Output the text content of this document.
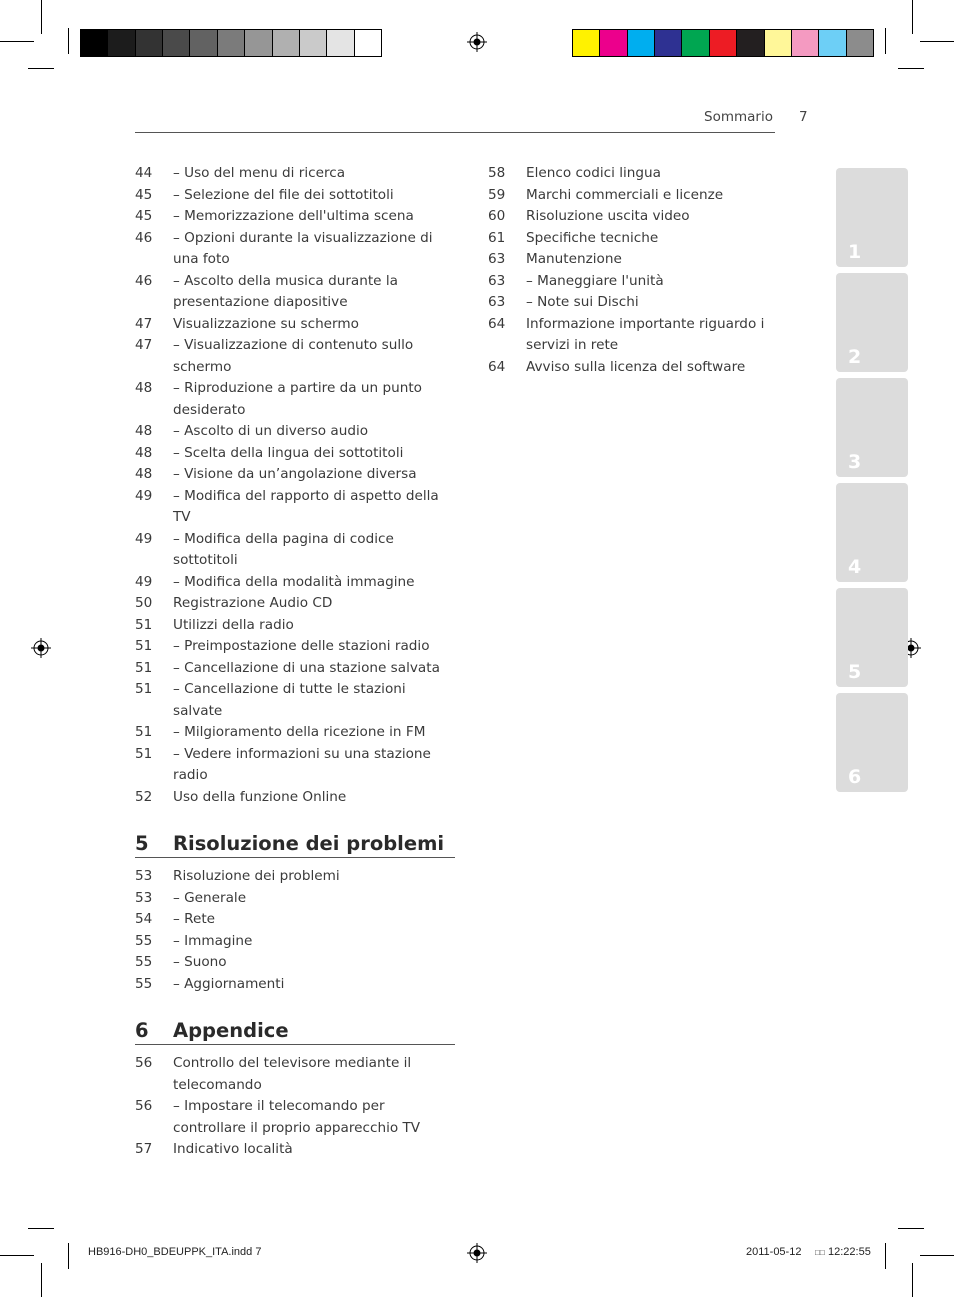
Sommario 7
44	– Uso del menu di ricerca
45	– Selezione del file dei sottotitoli
45	– Memorizzazione dell'ultima scena
46	– Opzioni durante la visualizzazione di una foto
46	– Ascolto della musica durante la presentazione diapositive
47	Visualizzazione su schermo
47	– Visualizzazione di contenuto sullo schermo
48	– Riproduzione a partire da un punto desiderato
48	– Ascolto di un diverso audio
48	– Scelta della lingua dei sottotitoli
48	– Visione da un’angolazione diversa
49	– Modifica del rapporto di aspetto della TV
49	– Modifica della pagina di codice sottotitoli
49	– Modifica della modalità immagine
50	Registrazione Audio CD
51	Utilizzi della radio
51	– Preimpostazione delle stazioni radio
51	– Cancellazione di una stazione salvata
51	– Cancellazione di tutte le stazioni salvate
51	– Milgioramento della ricezione in FM
51	– Vedere informazioni su una stazione radio
52	Uso della funzione Online
5	Risoluzione dei problemi
53	Risoluzione dei problemi
53	– Generale
54	– Rete
55	– Immagine
55	– Suono
55	– Aggiornamenti
6	Appendice
56	Controllo del televisore mediante il telecomando
56	– Impostare il telecomando per controllare il proprio apparecchio TV
57	Indicativo località
58	Elenco codici lingua
59	Marchi commerciali e licenze
60	Risoluzione uscita video
61	Specifiche tecniche
63	Manutenzione
63	– Maneggiare l'unità
63	– Note sui Dischi
64	Informazione importante riguardo i servizi in rete
64	Avviso sulla licenza del software
1
2
3
4
5
6
HB916-DH0_BDEUPPK_ITA.indd 7	2011-05-12 □□ 12:22:55
